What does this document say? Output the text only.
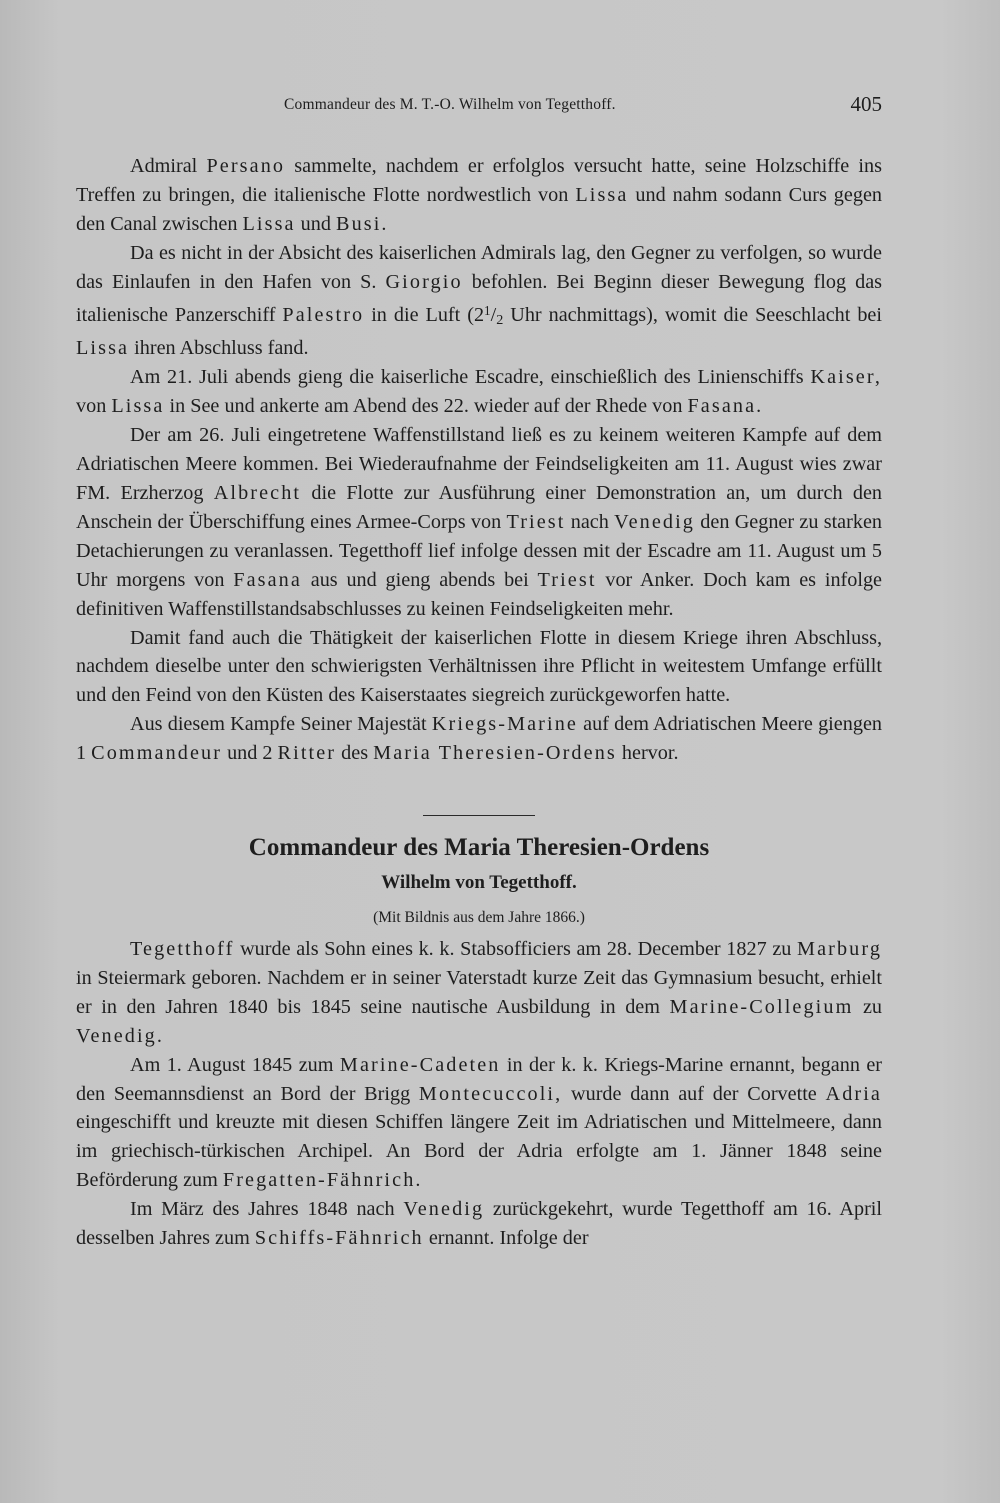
Commandeur des M. T.-O. Wilhelm von Tegetthoff.	405

Admiral Persano sammelte, nachdem er erfolglos versucht hatte, seine Holzschiffe ins Treffen zu bringen, die italienische Flotte nordwestlich von Lissa und nahm sodann Curs gegen den Canal zwischen Lissa und Busi.

Da es nicht in der Absicht des kaiserlichen Admirals lag, den Gegner zu verfolgen, so wurde das Einlaufen in den Hafen von S. Giorgio befohlen. Bei Beginn dieser Bewegung flog das italienische Panzerschiff Palestro in die Luft ($2^1/_2$ Uhr nachmittags), womit die Seeschlacht bei Lissa ihren Abschluss fand.

Am 21. Juli abends gieng die kaiserliche Escadre, einschießlich des Linienschiffs Kaiser, von Lissa in See und ankerte am Abend des 22. wieder auf der Rhede von Fasana.

Der am 26. Juli eingetretene Waffenstillstand ließ es zu keinem weiteren Kampfe auf dem Adriatischen Meere kommen. Bei Wiederaufnahme der Feindseligkeiten am 11. August wies zwar FM. Erzherzog Albrecht die Flotte zur Ausführung einer Demonstration an, um durch den Anschein der Überschiffung eines Armee-Corps von Triest nach Venedig den Gegner zu starken Detachierungen zu veranlassen. Tegetthoff lief infolge dessen mit der Escadre am 11. August um 5 Uhr morgens von Fasana aus und gieng abends bei Triest vor Anker. Doch kam es infolge definitiven Waffenstillstandsabschlusses zu keinen Feindseligkeiten mehr.

Damit fand auch die Thätigkeit der kaiserlichen Flotte in diesem Kriege ihren Abschluss, nachdem dieselbe unter den schwierigsten Verhältnissen ihre Pflicht in weitestem Umfange erfüllt und den Feind von den Küsten des Kaiserstaates siegreich zurückgeworfen hatte.

Aus diesem Kampfe Seiner Majestät Kriegs-Marine auf dem Adriatischen Meere giengen 1 Commandeur und 2 Ritter des Maria Theresien-Ordens hervor.

Commandeur des Maria Theresien-Ordens
Wilhelm von Tegetthoff.
(Mit Bildnis aus dem Jahre 1866.)

Tegetthoff wurde als Sohn eines k. k. Stabsofficiers am 28. December 1827 zu Marburg in Steiermark geboren. Nachdem er in seiner Vaterstadt kurze Zeit das Gymnasium besucht, erhielt er in den Jahren 1840 bis 1845 seine nautische Ausbildung in dem Marine-Collegium zu Venedig.

Am 1. August 1845 zum Marine-Cadeten in der k. k. Kriegs-Marine ernannt, begann er den Seemannsdienst an Bord der Brigg Montecuccoli, wurde dann auf der Corvette Adria eingeschifft und kreuzte mit diesen Schiffen längere Zeit im Adriatischen und Mittelmeere, dann im griechisch-türkischen Archipel. An Bord der Adria erfolgte am 1. Jänner 1848 seine Beförderung zum Fregatten-Fähnrich.

Im März des Jahres 1848 nach Venedig zurückgekehrt, wurde Tegetthoff am 16. April desselben Jahres zum Schiffs-Fähnrich ernannt. Infolge der
